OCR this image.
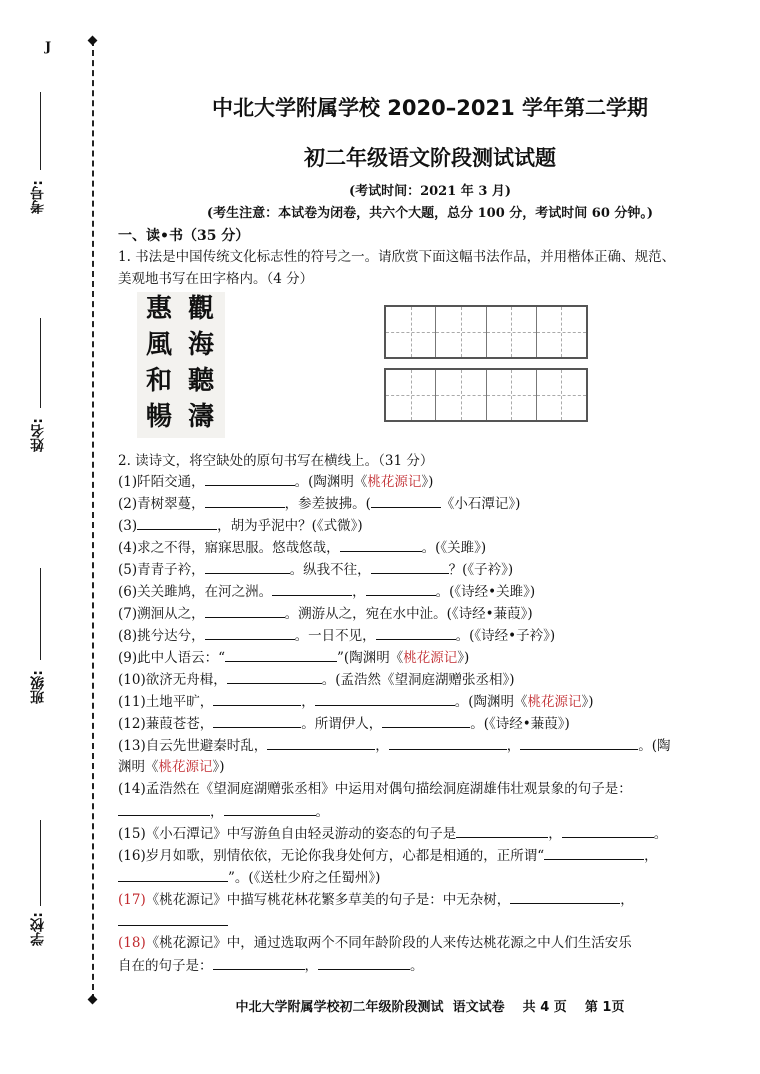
J
考号:
姓名:
班级:
学校:
中北大学附属学校 2020–2021 学年第二学期
初二年级语文阶段测试试题
(考试时间：2021 年 3 月)
(考生注意：本试卷为闭卷，共六个大题，总分 100 分，考试时间 60 分钟。)
一、读•书（35 分）
1. 书法是中国传统文化标志性的符号之一。请欣赏下面这幅书法作品，并用楷体正确、规范、
美观地书写在田字格内。（4 分）
惠
風
和
暢
觀
海
聽
濤
2. 读诗文，将空缺处的原句书写在横线上。（31 分）
(1)阡陌交通，	。(陶渊明《桃花源记》)
(2)青树翠蔓，	，参差披拂。(	《小石潭记》)
(3)	，胡为乎泥中？(《式微》)
(4)求之不得，寤寐思服。悠哉悠哉，	。(《关雎》)
(5)青青子衿，	。纵我不往，	？(《子衿》)
(6)关关雎鸠，在河之洲。	，	。(《诗经•关雎》)
(7)溯洄从之，	。溯游从之，宛在水中沚。(《诗经•蒹葭》)
(8)挑兮达兮，	。一日不见，	。(《诗经•子衿》)
(9)此中人语云：“	”(陶渊明《桃花源记》)
(10)欲济无舟楫，	。(孟浩然《望洞庭湖赠张丞相》)
(11)土地平旷，	，	。(陶渊明《桃花源记》)
(12)蒹葭苍苍，	。所谓伊人，	。(《诗经•蒹葭》)
(13)自云先世避秦时乱，	，	，	。(陶
渊明《桃花源记》)
(14)孟浩然在《望洞庭湖赠张丞相》中运用对偶句描绘洞庭湖雄伟壮观景象的句子是：
，	。
(15)《小石潭记》中写游鱼自由轻灵游动的姿态的句子是	，	。
(16)岁月如歌，别情依依，无论你我身处何方，心都是相通的，正所谓“	，
”。(《送杜少府之任蜀州》)
(17)《桃花源记》中描写桃花林花繁多草美的句子是：中无杂树，	，
(18)《桃花源记》中，通过选取两个不同年龄阶段的人来传达桃花源之中人们生活安乐
自在的句子是：	，	。
中北大学附属学校初二年级阶段测试  语文试卷    共 4 页    第 1页
